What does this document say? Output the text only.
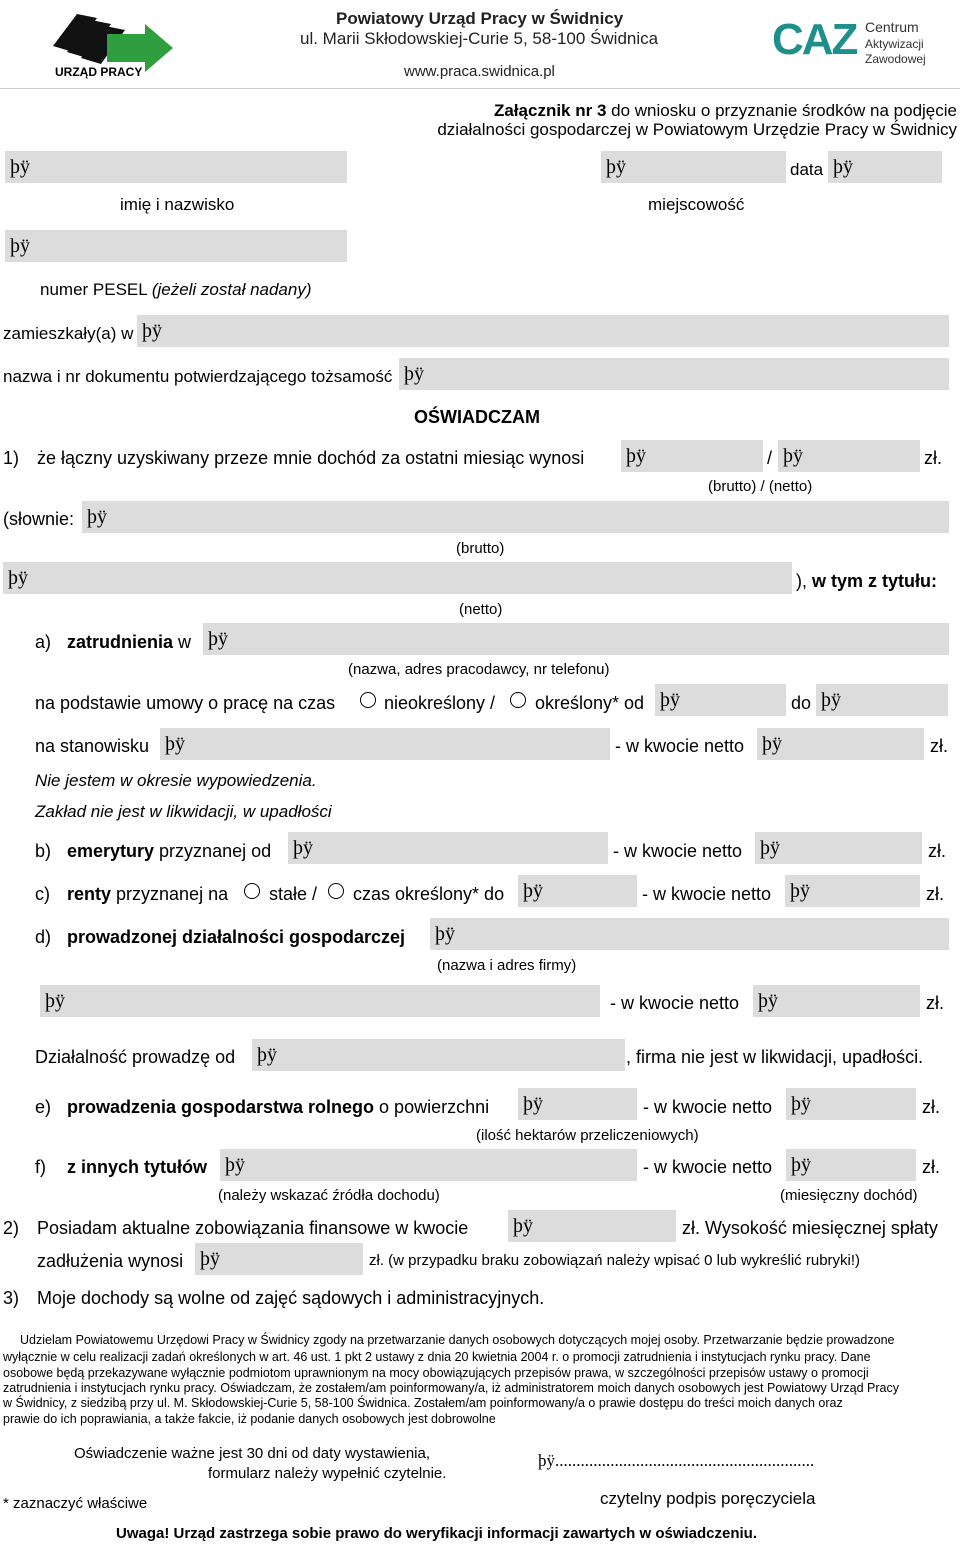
URZĄD PRACY
Powiatowy Urząd Pracy w Świdnicy
ul. Marii Skłodowskiej-Curie 5, 58-100 Świdnica
www.praca.swidnica.pl
CAZ Centrum
Aktywizacji
Zawodowej
Załącznik nr 3 do wniosku o przyznanie środków na podjęcie
działalności gospodarczej w Powiatowym Urzędzie Pracy w Świdnicy
þÿ	þÿ	data þÿ
imię i nazwisko	miejscowość
þÿ
numer PESEL (jeżeli został nadany)
zamieszkały(a) w þÿ
nazwa i nr dokumentu potwierdzającego tożsamość þÿ
OŚWIADCZAM
1) że łączny uzyskiwany przeze mnie dochód za ostatni miesiąc wynosi þÿ	/ þÿ	zł.
(brutto) / (netto)
(słownie: þÿ
(brutto)
þÿ	), w tym z tytułu:
(netto)
a) zatrudnienia w þÿ
(nazwa, adres pracodawcy, nr telefonu)
na podstawie umowy o pracę na czas	nieokreślony / określony* od þÿ	do þÿ
na stanowisku þÿ	- w kwocie netto þÿ	zł.
Nie jestem w okresie wypowiedzenia.
Zakład nie jest w likwidacji, w upadłości
b) emerytury przyznanej od þÿ	- w kwocie netto þÿ	zł.
c) renty przyznanej na stałe / czas określony* do þÿ	- w kwocie netto þÿ	zł.
d) prowadzonej działalności gospodarczej þÿ
(nazwa i adres firmy)
þÿ	- w kwocie netto þÿ	zł.
Działalność prowadzę od þÿ	, firma nie jest w likwidacji, upadłości.
e) prowadzenia gospodarstwa rolnego o powierzchni þÿ	- w kwocie netto þÿ	zł.
(ilość hektarów przeliczeniowych)
f) z innych tytułów þÿ	- w kwocie netto þÿ	zł.
(należy wskazać źródła dochodu)	(miesięczny dochód)
2) Posiadam aktualne zobowiązania finansowe w kwocie þÿ	zł. Wysokość miesięcznej spłaty
zadłużenia wynosi þÿ	zł. (w przypadku braku zobowiązań należy wpisać 0 lub wykreślić rubryki!)
3) Moje dochody są wolne od zajęć sądowych i administracyjnych.
Udzielam Powiatowemu Urzędowi Pracy w Świdnicy zgody na przetwarzanie danych osobowych dotyczących mojej osoby. Przetwarzanie będzie prowadzone
wyłącznie w celu realizacji zadań określonych w art. 46 ust. 1 pkt 2 ustawy z dnia 20 kwietnia 2004 r. o promocji zatrudnienia i instytucjach rynku pracy. Dane
osobowe będą przekazywane wyłącznie podmiotom uprawnionym na mocy obowiązujących przepisów prawa, w szczególności przepisów ustawy o promocji
zatrudnienia i instytucjach rynku pracy. Oświadczam, że zostałem/am poinformowany/a, iż administratorem moich danych osobowych jest Powiatowy Urząd Pracy
w Świdnicy, z siedzibą przy ul. M. Skłodowskiej-Curie 5, 58-100 Świdnica. Zostałem/am poinformowany/a o prawie dostępu do treści moich danych oraz
prawie do ich poprawiania, a także fakcie, iż podanie danych osobowych jest dobrowolne
Oświadczenie ważne jest 30 dni od daty wystawienia,
formularz należy wypełnić czytelnie.
þÿ.............................................................
czytelny podpis poręczyciela
* zaznaczyć właściwe
Uwaga! Urząd zastrzega sobie prawo do weryfikacji informacji zawartych w oświadczeniu.
